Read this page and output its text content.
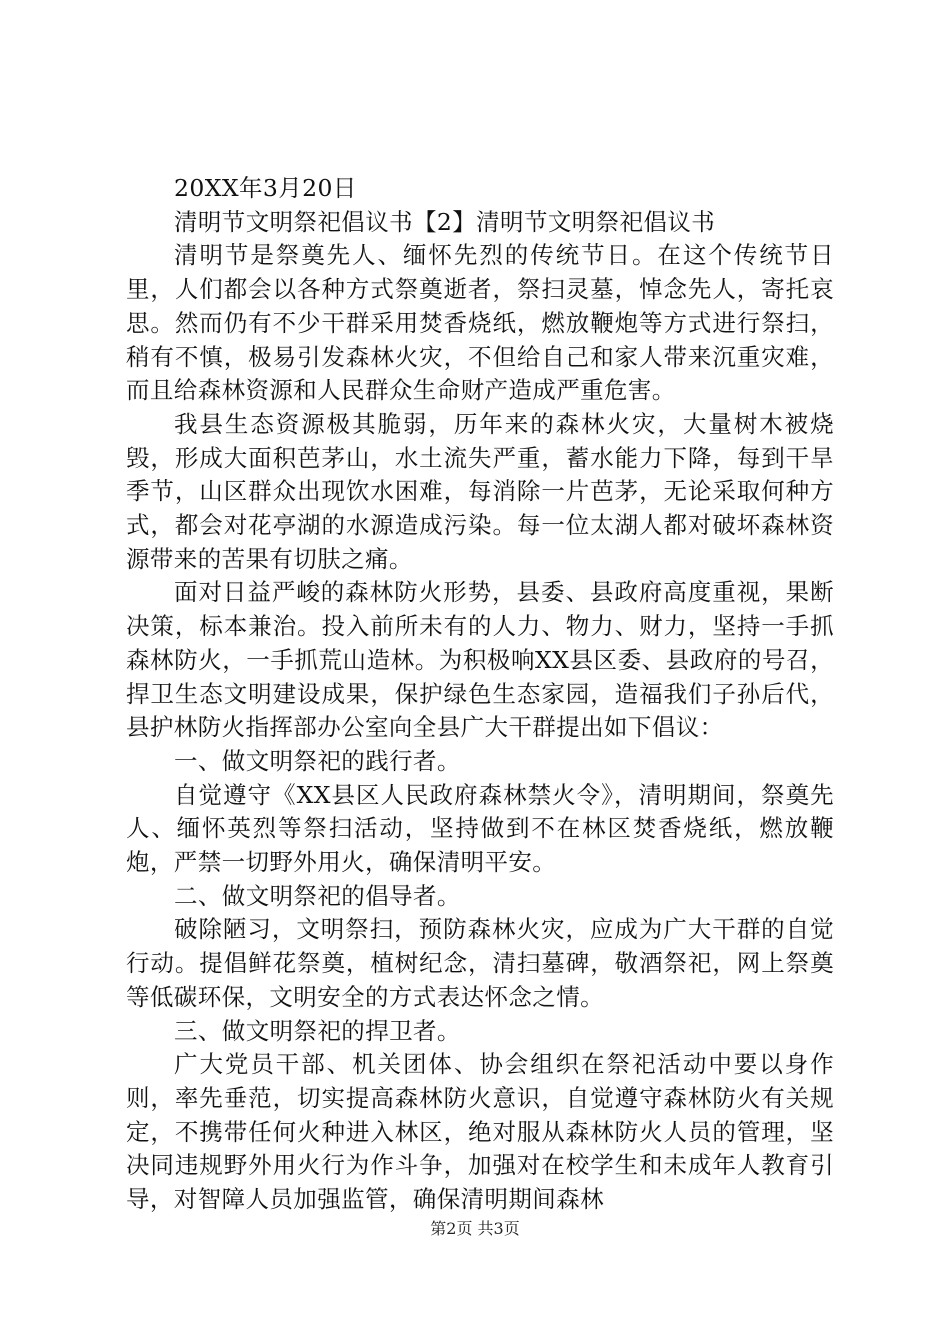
20XX年3月20日
清明节文明祭祀倡议书【2】清明节文明祭祀倡议书

清明节是祭奠先人、缅怀先烈的传统节日。在这个传统节日里，人们都会以各种方式祭奠逝者，祭扫灵墓，悼念先人，寄托哀思。然而仍有不少干群采用焚香烧纸，燃放鞭炮等方式进行祭扫，稍有不慎，极易引发森林火灾，不但给自己和家人带来沉重灾难，而且给森林资源和人民群众生命财产造成严重危害。

我县生态资源极其脆弱，历年来的森林火灾，大量树木被烧毁，形成大面积芭茅山，水土流失严重，蓄水能力下降，每到干旱季节，山区群众出现饮水困难，每消除一片芭茅，无论采取何种方式，都会对花亭湖的水源造成污染。每一位太湖人都对破坏森林资源带来的苦果有切肤之痛。

面对日益严峻的森林防火形势，县委、县政府高度重视，果断决策，标本兼治。投入前所未有的人力、物力、财力，坚持一手抓森林防火，一手抓荒山造林。为积极响XX县区委、县政府的号召，捍卫生态文明建设成果，保护绿色生态家园，造福我们子孙后代，县护林防火指挥部办公室向全县广大干群提出如下倡议：

一、做文明祭祀的践行者。

自觉遵守《XX县区人民政府森林禁火令》，清明期间，祭奠先人、缅怀英烈等祭扫活动，坚持做到不在林区焚香烧纸，燃放鞭炮，严禁一切野外用火，确保清明平安。

二、做文明祭祀的倡导者。

破除陋习，文明祭扫，预防森林火灾，应成为广大干群的自觉行动。提倡鲜花祭奠，植树纪念，清扫墓碑，敬酒祭祀，网上祭奠等低碳环保，文明安全的方式表达怀念之情。

三、做文明祭祀的捍卫者。

广大党员干部、机关团体、协会组织在祭祀活动中要以身作则，率先垂范，切实提高森林防火意识，自觉遵守森林防火有关规定，不携带任何火种进入林区，绝对服从森林防火人员的管理，坚决同违规野外用火行为作斗争，加强对在校学生和未成年人教育引导，对智障人员加强监管，确保清明期间森林

第2页 共3页
